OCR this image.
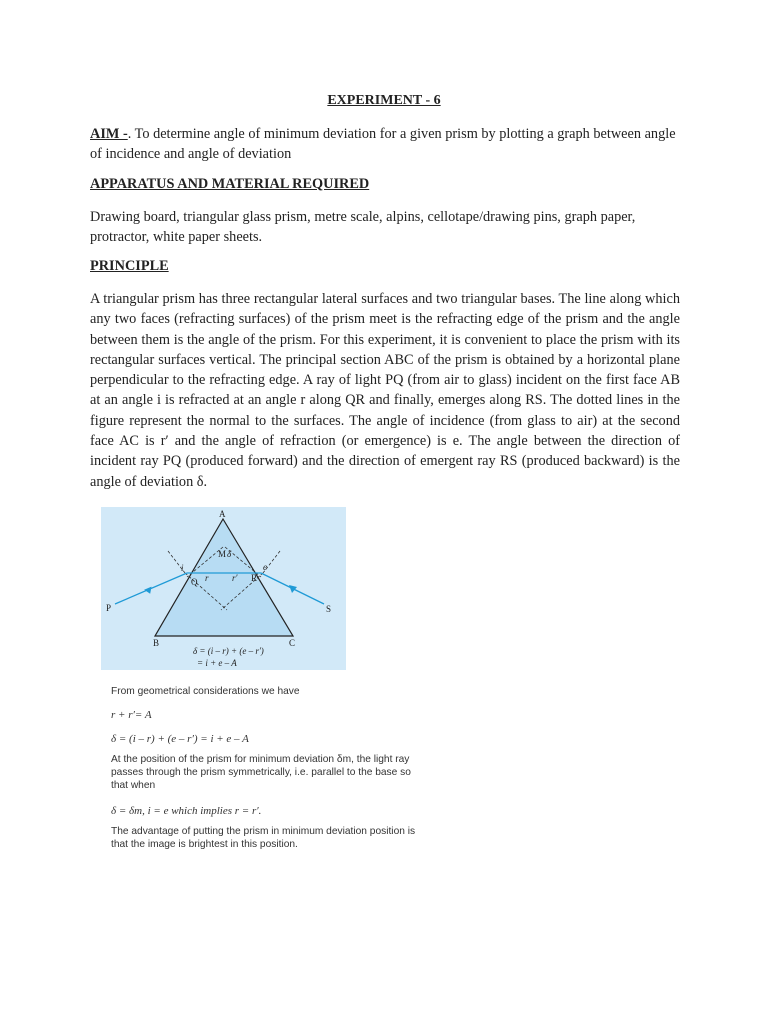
EXPERIMENT - 6

AIM -. To determine angle of minimum deviation for a given prism by plotting a graph between angle of incidence and angle of deviation

APPARATUS AND MATERIAL REQUIRED

Drawing board, triangular glass prism, metre scale, alpins, cellotape/drawing pins, graph paper, protractor, white paper sheets.

PRINCIPLE

A triangular prism has three rectangular lateral surfaces and two triangular bases. The line along which any two faces (refracting surfaces) of the prism meet is the refracting edge of the prism and the angle between them is the angle of the prism. For this experiment, it is convenient to place the prism with its rectangular surfaces vertical. The principal section ABC of the prism is obtained by a horizontal plane perpendicular to the refracting edge. A ray of light PQ (from air to glass) incident on the first face AB at an angle i is refracted at an angle r along QR and finally, emerges along RS. The dotted lines in the figure represent the normal to the surfaces. The angle of incidence (from glass to air) at the second face AC is r′ and the angle of refraction (or emergence) is e. The angle between the direction of incident ray PQ (produced forward) and the direction of emergent ray RS (produced backward) is the angle of deviation δ.

A
B	C
P	S
M
Q	R
i	e
r	r′
δ
δ = (i – r) + (e – r′)
= i + e – A

From geometrical considerations we have

r + r′= A

δ = (i – r) + (e – r′) = i + e – A

At the position of the prism for minimum deviation δm, the light ray

passes through the prism symmetrically, i.e. parallel to the base so

that when

δ = δm, i = e which implies r = r′.

The advantage of putting the prism in minimum deviation position is

that the image is brightest in this position.
